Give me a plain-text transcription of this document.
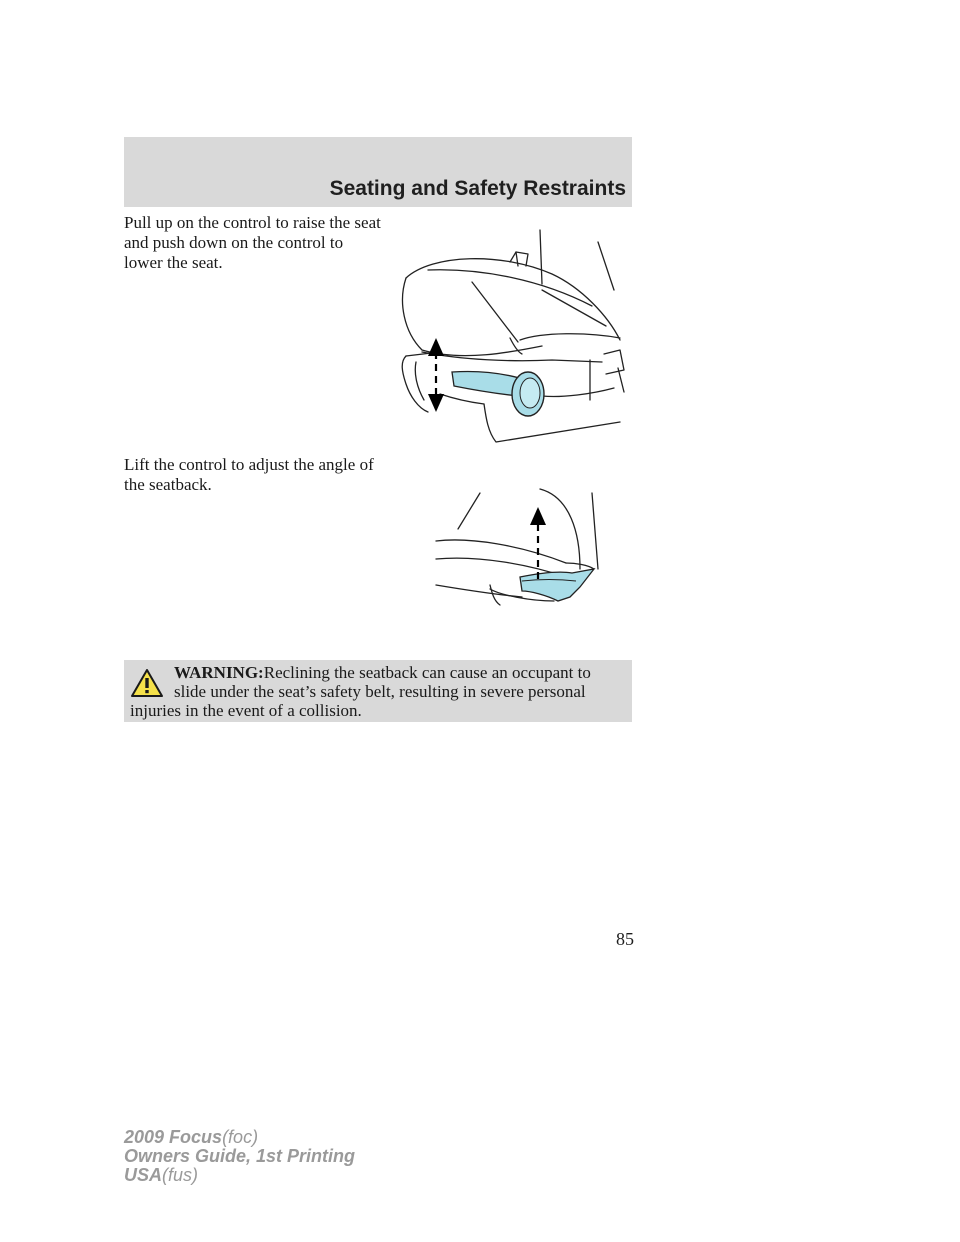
Seating and Safety Restraints

Pull up on the control to raise the seat and push down on the control to lower the seat.

Lift the control to adjust the angle of the seatback.

WARNING:Reclining the seatback can cause an occupant to slide under the seat’s safety belt, resulting in severe personal injuries in the event of a collision.

85
2009 Focus(foc)
Owners Guide, 1st Printing
USA(fus)
